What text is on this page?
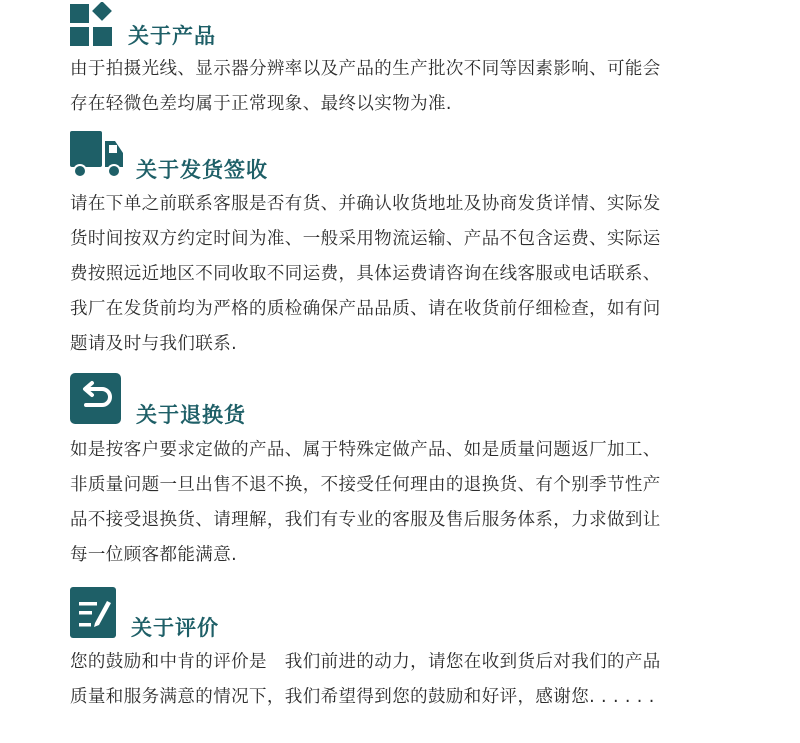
关于产品
由于拍摄光线、显示器分辨率以及产品的生产批次不同等因素影响、可能会
存在轻微色差均属于正常现象、最终以实物为准.
关于发货签收
请在下单之前联系客服是否有货、并确认收货地址及协商发货详情、实际发
货时间按双方约定时间为准、一般采用物流运输、产品不包含运费、实际运
费按照远近地区不同收取不同运费，具体运费请咨询在线客服或电话联系、
我厂在发货前均为严格的质检确保产品品质、请在收货前仔细检查，如有问
题请及时与我们联系.
关于退换货
如是按客户要求定做的产品、属于特殊定做产品、如是质量问题返厂加工、
非质量问题一旦出售不退不换，不接受任何理由的退换货、有个别季节性产
品不接受退换货、请理解，我们有专业的客服及售后服务体系，力求做到让
每一位顾客都能满意.
关于评价
您的鼓励和中肯的评价是　我们前进的动力，请您在收到货后对我们的产品
质量和服务满意的情况下，我们希望得到您的鼓励和好评，感谢您. . . . . .
